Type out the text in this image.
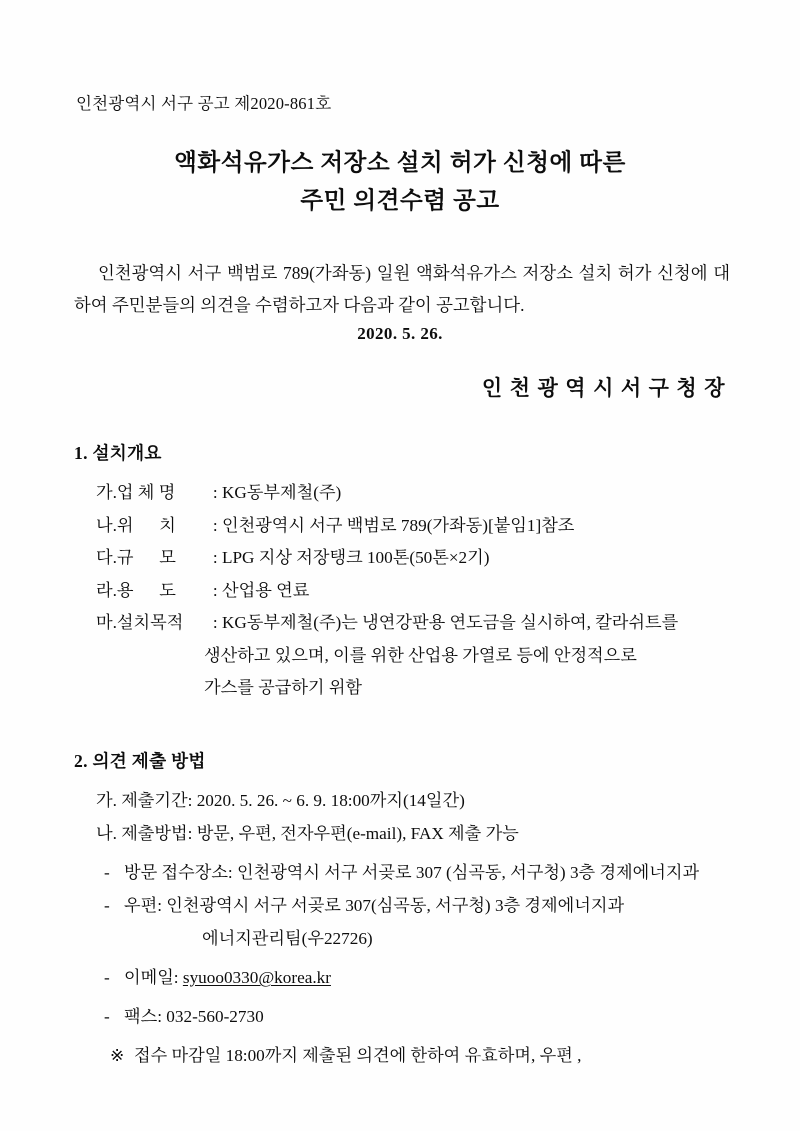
인천광역시 서구 공고 제2020-861호
액화석유가스 저장소 설치 허가 신청에 따른
주민 의견수렴 공고

인천광역시 서구 백범로 789(가좌동) 일원 액화석유가스 저장소 설치 허가 신청에 대하여 주민분들의 의견을 수렴하고자 다음과 같이 공고합니다.

2020. 5. 26.
인천광역시서구청장
1. 설치개요
가. 업 체 명 : KG동부제철(주)
나. 위      치 : 인천광역시 서구 백범로 789(가좌동)[붙임1]참조
다. 규      모 : LPG 지상 저장탱크 100톤(50톤×2기)
라. 용      도 : 산업용 연료
마. 설치목적 : KG동부제철(주)는 냉연강판용 연도금을 실시하여, 칼라쉬트를
생산하고 있으며, 이를 위한 산업용 가열로 등에 안정적으로
가스를 공급하기 위함
2. 의견 제출 방법
가. 제출기간: 2020. 5. 26. ~ 6. 9. 18:00까지(14일간)
나. 제출방법: 방문, 우편, 전자우편(e-mail), FAX 제출 가능
- 방문 접수장소: 인천광역시 서구 서곶로 307 (심곡동, 서구청) 3층 경제에너지과
- 우편: 인천광역시 서구 서곶로 307(심곡동, 서구청) 3층 경제에너지과
에너지관리팀(우22726)
- 이메일: syuoo0330@korea.kr
- 팩스: 032-560-2730
※ 접수 마감일 18:00까지 제출된 의견에 한하여 유효하며, 우편 ,
